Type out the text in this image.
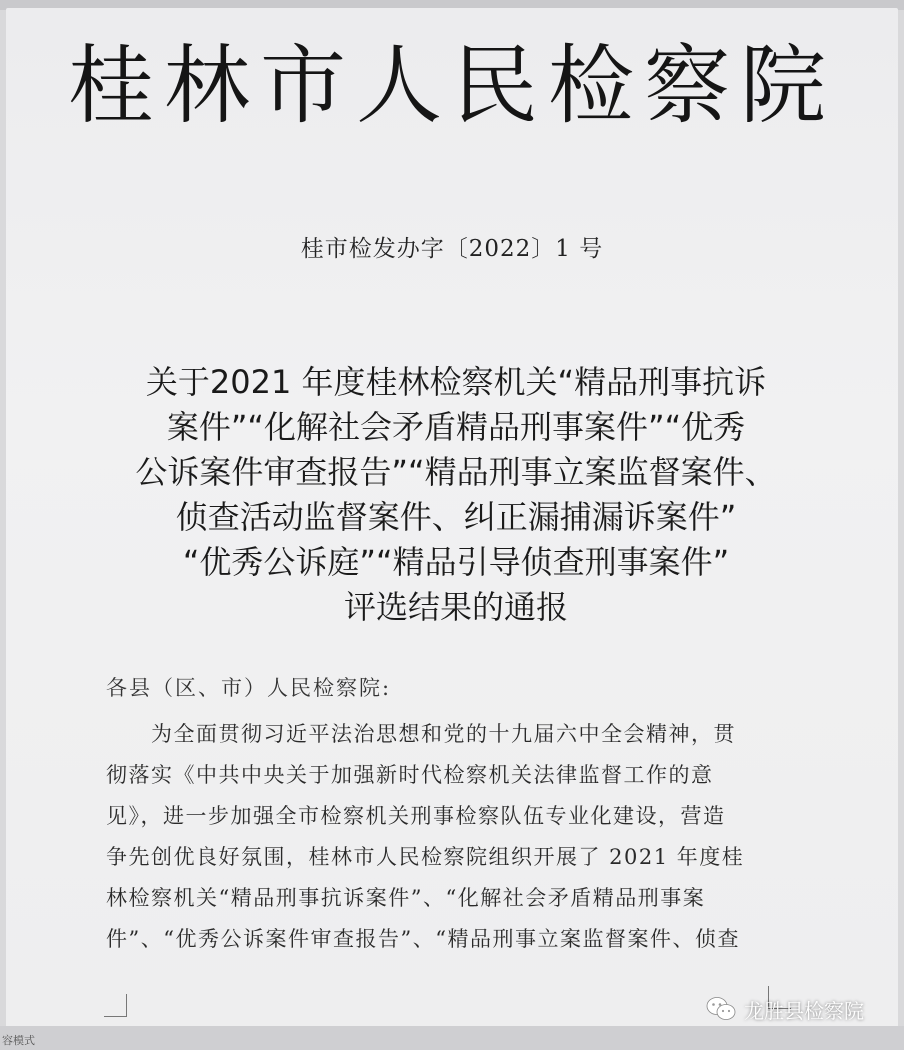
桂林市人民检察院
桂市检发办字〔2022〕1 号
关于2021 年度桂林检察机关“精品刑事抗诉
案件”“化解社会矛盾精品刑事案件”“优秀
公诉案件审查报告”“精品刑事立案监督案件、
侦查活动监督案件、纠正漏捕漏诉案件”
“优秀公诉庭”“精品引导侦查刑事案件”
评选结果的通报
各县（区、市）人民检察院:
　　为全面贯彻习近平法治思想和党的十九届六中全会精神，贯
彻落实《中共中央关于加强新时代检察机关法律监督工作的意
见》，进一步加强全市检察机关刑事检察队伍专业化建设，营造
争先创优良好氛围，桂林市人民检察院组织开展了 2021 年度桂
林检察机关“精品刑事抗诉案件”、“化解社会矛盾精品刑事案
件”、“优秀公诉案件审查报告”、“精品刑事立案监督案件、侦查
容模式
龙胜县检察院
